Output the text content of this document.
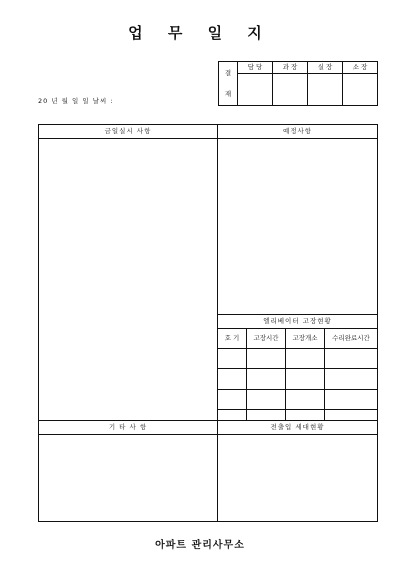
업 무 일 지
결
재	담 당	과 장	실 장	소 장

20 년 월 일 일 날씨 :
금일실시 사항	예정사항

엘리베이터 고장현황

호 기	고장시간	고장개소	수리완료시간

기 타 사 항	전출입 세대현황

아파트 관리사무소
